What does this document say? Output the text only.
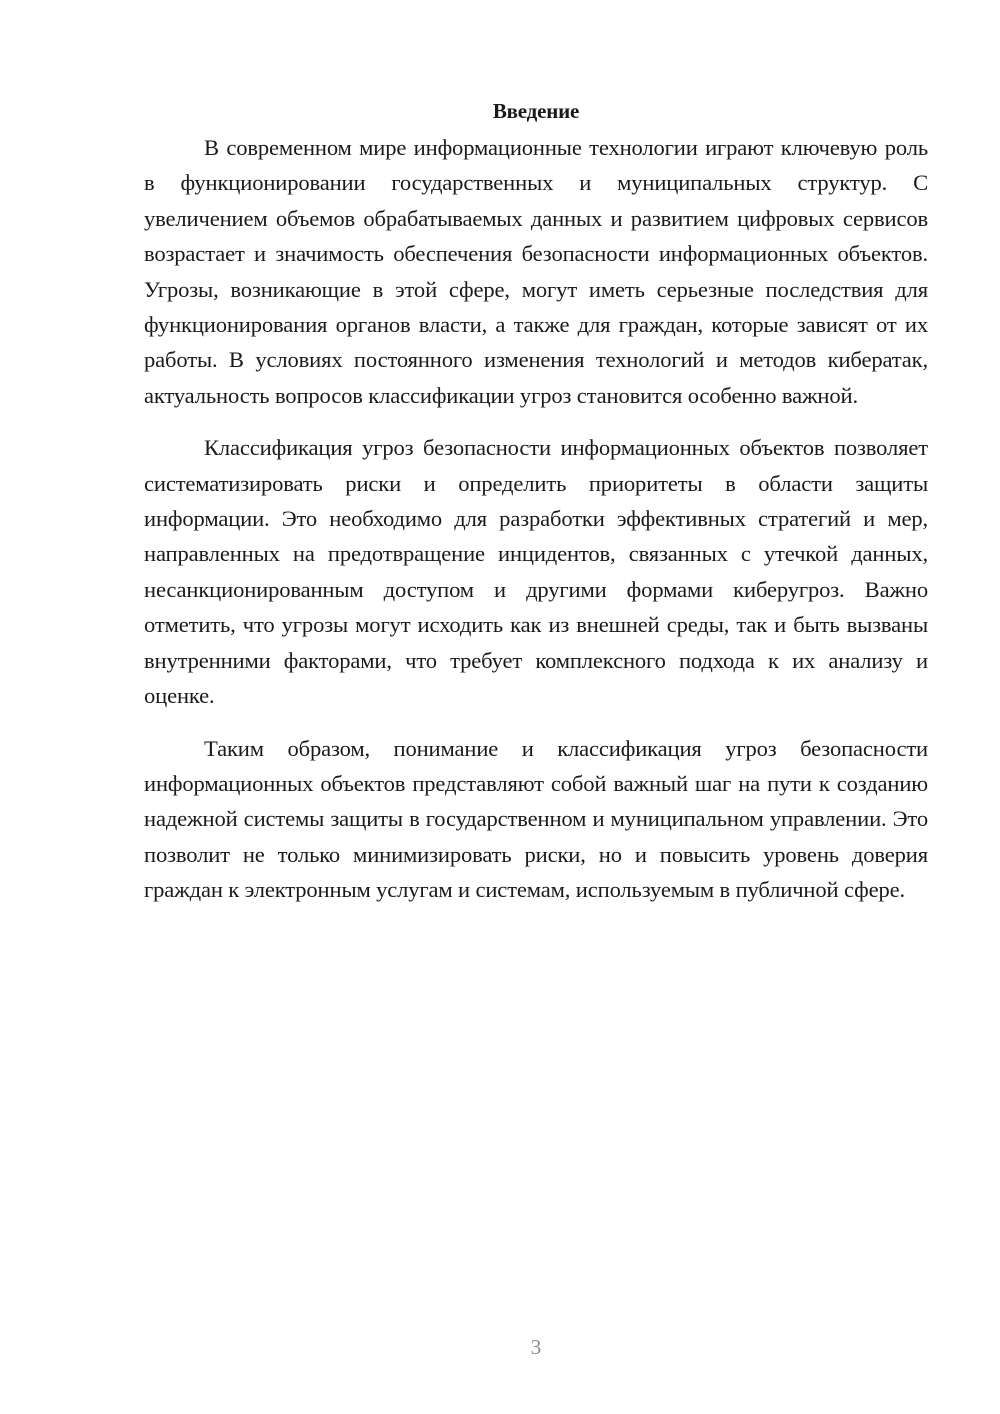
Введение

В современном мире информационные технологии играют ключевую роль в функционировании государственных и муниципальных структур. С увеличением объемов обрабатываемых данных и развитием цифровых сервисов возрастает и значимость обеспечения безопасности информационных объектов. Угрозы, возникающие в этой сфере, могут иметь серьезные последствия для функционирования органов власти, а также для граждан, которые зависят от их работы. В условиях постоянного изменения технологий и методов кибератак, актуальность вопросов классификации угроз становится особенно важной.

Классификация угроз безопасности информационных объектов позволяет систематизировать риски и определить приоритеты в области защиты информации. Это необходимо для разработки эффективных стратегий и мер, направленных на предотвращение инцидентов, связанных с утечкой данных, несанкционированным доступом и другими формами киберугроз. Важно отметить, что угрозы могут исходить как из внешней среды, так и быть вызваны внутренними факторами, что требует комплексного подхода к их анализу и оценке.

Таким образом, понимание и классификация угроз безопасности информационных объектов представляют собой важный шаг на пути к созданию надежной системы защиты в государственном и муниципальном управлении. Это позволит не только минимизировать риски, но и повысить уровень доверия граждан к электронным услугам и системам, используемым в публичной сфере.

3
